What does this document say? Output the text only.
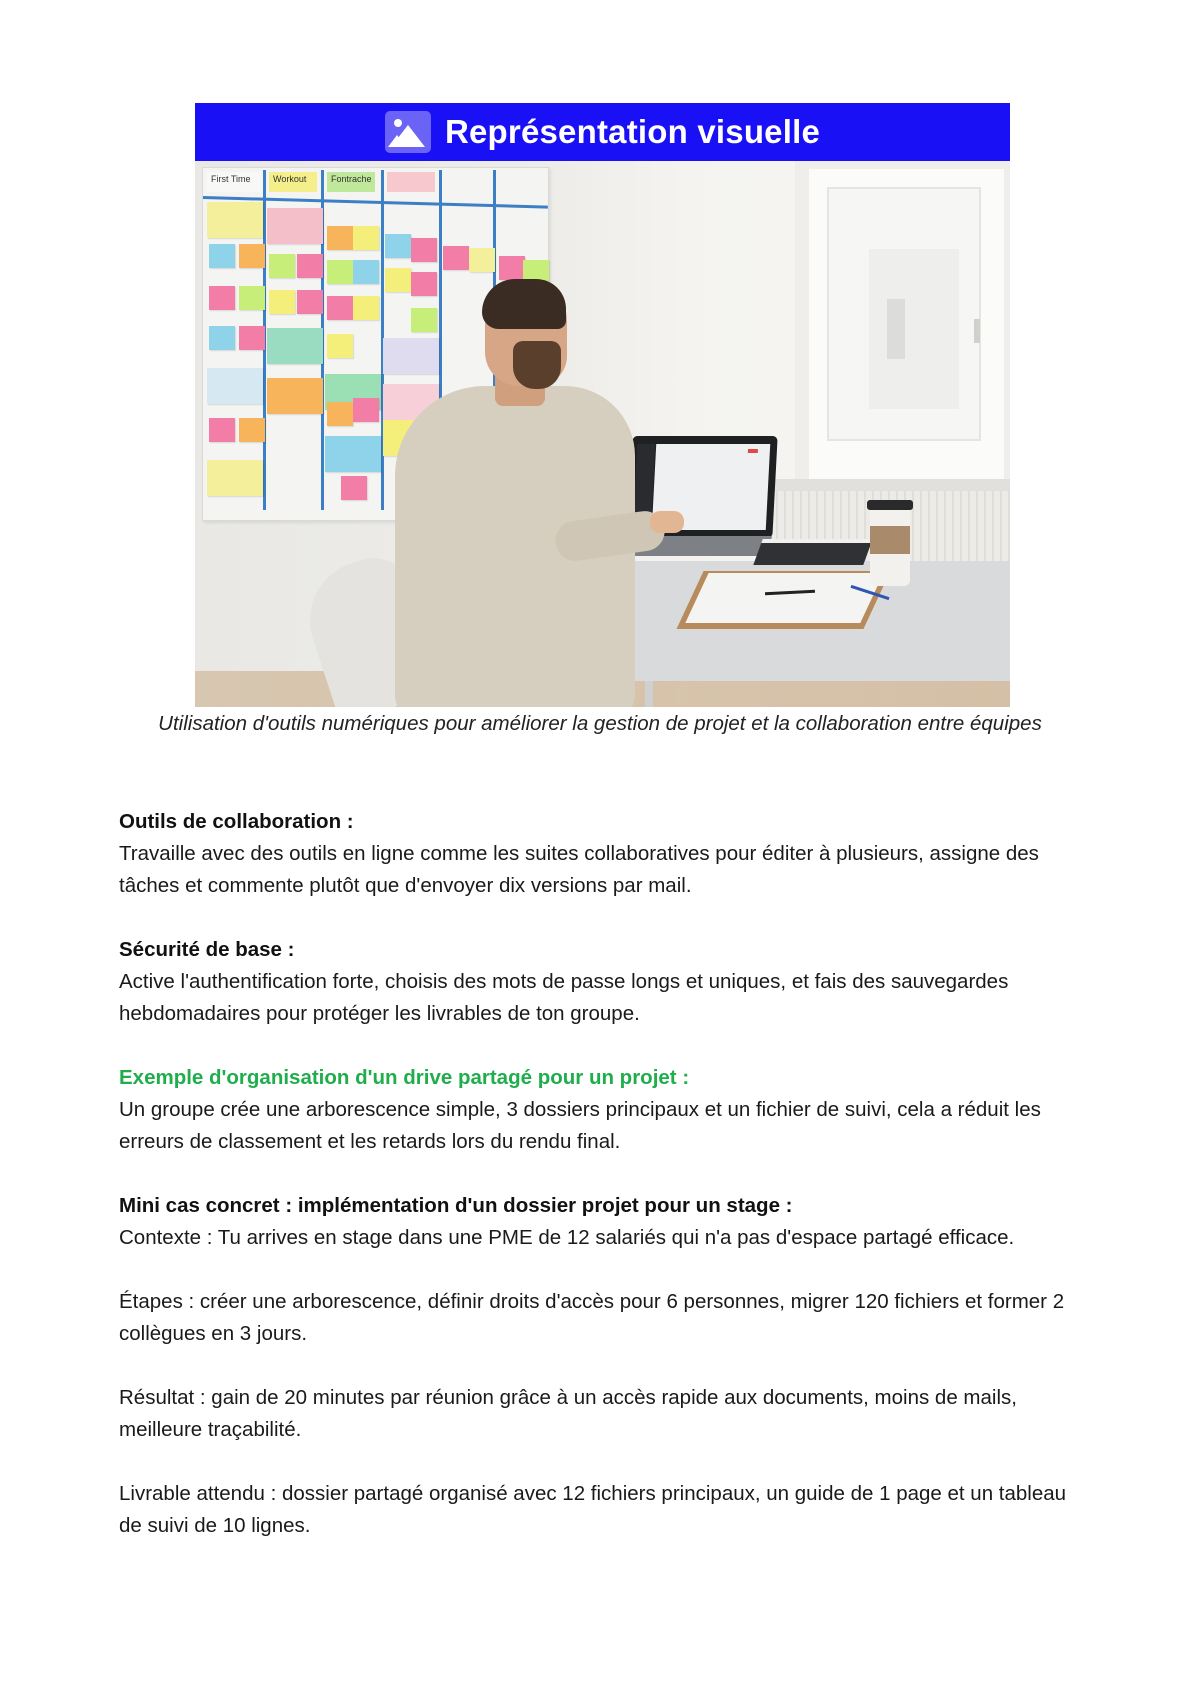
Représentation visuelle
First Time	Workout	Fontrache
Utilisation d'outils numériques pour améliorer la gestion de projet et la collaboration entre équipes
Outils de collaboration :

Travaille avec des outils en ligne comme les suites collaboratives pour éditer à plusieurs, assigne des tâches et commente plutôt que d'envoyer dix versions par mail.

Sécurité de base :

Active l'authentification forte, choisis des mots de passe longs et uniques, et fais des sauvegardes hebdomadaires pour protéger les livrables de ton groupe.

Exemple d'organisation d'un drive partagé pour un projet :

Un groupe crée une arborescence simple, 3 dossiers principaux et un fichier de suivi, cela a réduit les erreurs de classement et les retards lors du rendu final.

Mini cas concret : implémentation d'un dossier projet pour un stage :

Contexte : Tu arrives en stage dans une PME de 12 salariés qui n'a pas d'espace partagé efficace.

Étapes : créer une arborescence, définir droits d'accès pour 6 personnes, migrer 120 fichiers et former 2 collègues en 3 jours.

Résultat : gain de 20 minutes par réunion grâce à un accès rapide aux documents, moins de mails, meilleure traçabilité.

Livrable attendu : dossier partagé organisé avec 12 fichiers principaux, un guide de 1 page et un tableau de suivi de 10 lignes.
